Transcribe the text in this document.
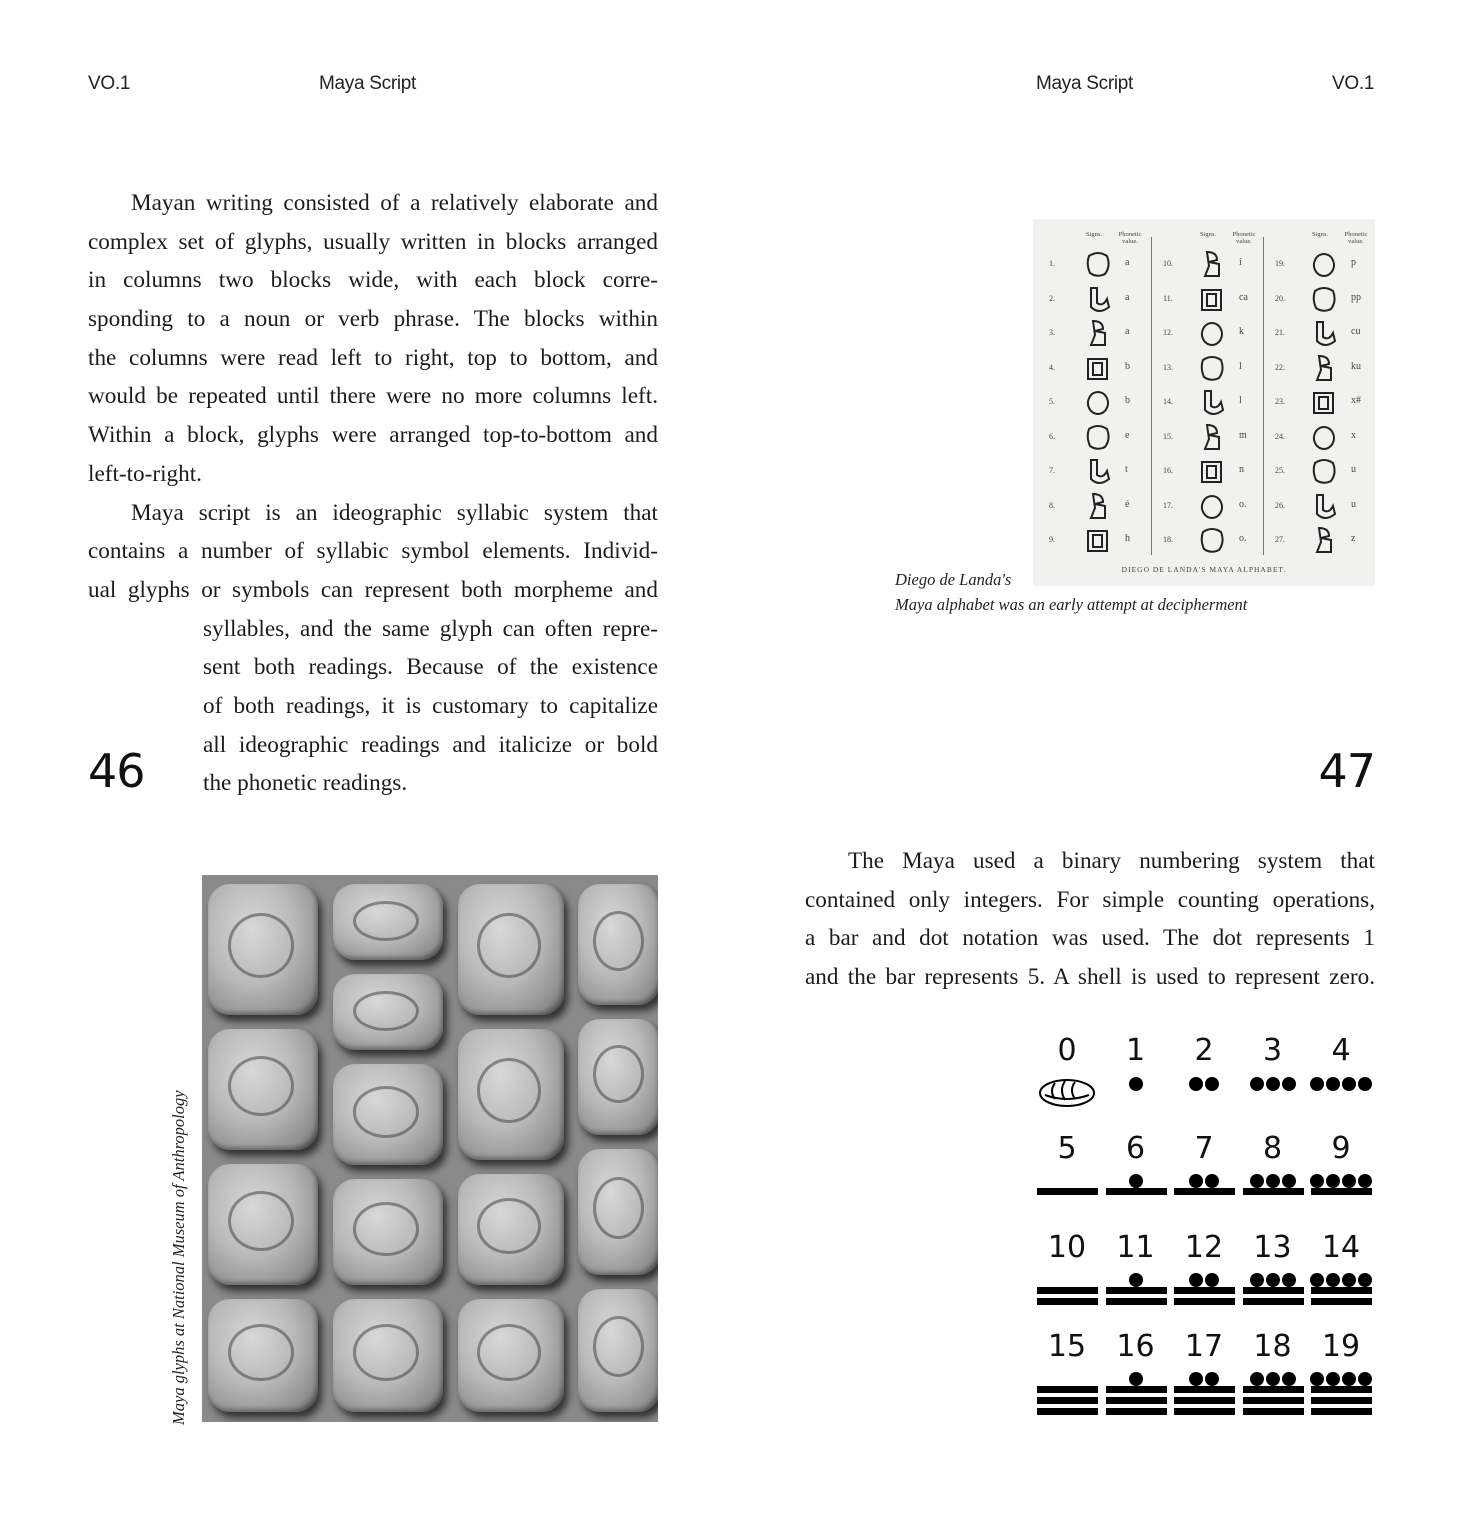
VO.1	Maya Script
Mayan writing consisted of a relatively elaborate and
complex set of glyphs, usually written in blocks arranged
in columns two blocks wide, with each block corre-
sponding to a noun or verb phrase. The blocks within
the columns were read left to right, top to bottom, and
would be repeated until there were no more columns left.
Within a block, glyphs were arranged top-to-bottom and
left-to-right.
Maya script is an ideographic syllabic system that
contains a number of syllabic symbol elements. Individ-
ual glyphs or symbols can represent both morpheme and
syllables, and the same glyph can often repre-
sent both readings. Because of the existence
of both readings, it is customary to capitalize
all ideographic readings and italicize or bold
the phonetic readings.
46
Maya glyphs at National Museum of Anthropology
Maya Script	VO.1
DIEGO DE LANDA'S MAYA ALPHABET.
Signs.	Phonetic value.
1.	a
2.	a
3.	a
4.	b
5.	b
6.	e
7.	t
8.	é
9.	h
Signs.	Phonetic value.
10.	i
11.	ca
12.	k
13.	l
14.	l
15.	m
16.	n
17.	o.
18.	o.
Signs.	Phonetic value.
19.	p
20.	pp
21.	cu
22.	ku
23.	x#
24.	x
25.	u
26.	u
27.	z
Diego de Landa's
Maya alphabet was an early attempt at decipherment
47
The Maya used a binary numbering system that
contained only integers. For simple counting operations,
a bar and dot notation was used. The dot represents 1
and the bar represents 5. A shell is used to represent zero.
0	1	2	3	4
5	6	7	8	9
10	11	12	13	14
15	16	17	18	19
